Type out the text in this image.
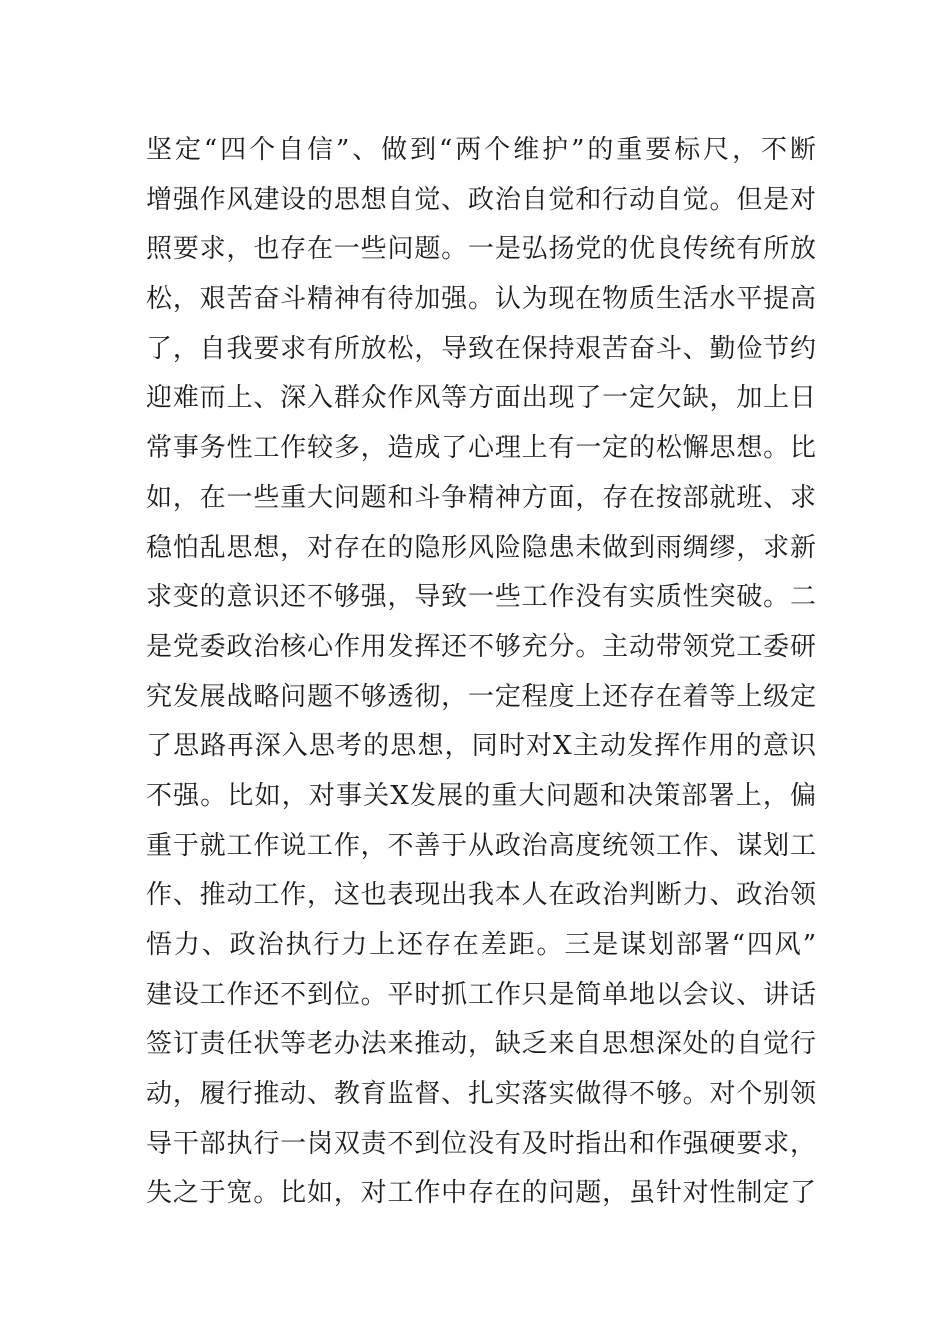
坚定“四个自信”、做到“两个维护”的重要标尺，不断
增强作风建设的思想自觉、政治自觉和行动自觉。但是对
照要求，也存在一些问题。一是弘扬党的优良传统有所放
松，艰苦奋斗精神有待加强。认为现在物质生活水平提高
了，自我要求有所放松，导致在保持艰苦奋斗、勤俭节约
迎难而上、深入群众作风等方面出现了一定欠缺，加上日
常事务性工作较多，造成了心理上有一定的松懈思想。比
如，在一些重大问题和斗争精神方面，存在按部就班、求
稳怕乱思想，对存在的隐形风险隐患未做到雨绸缪，求新
求变的意识还不够强，导致一些工作没有实质性突破。二
是党委政治核心作用发挥还不够充分。主动带领党工委研
究发展战略问题不够透彻，一定程度上还存在着等上级定
了思路再深入思考的思想，同时对X主动发挥作用的意识
不强。比如，对事关X发展的重大问题和决策部署上，偏
重于就工作说工作，不善于从政治高度统领工作、谋划工
作、推动工作，这也表现出我本人在政治判断力、政治领
悟力、政治执行力上还存在差距。三是谋划部署“四风”
建设工作还不到位。平时抓工作只是简单地以会议、讲话
签订责任状等老办法来推动，缺乏来自思想深处的自觉行
动，履行推动、教育监督、扎实落实做得不够。对个别领
导干部执行一岗双责不到位没有及时指出和作强硬要求，
失之于宽。比如，对工作中存在的问题，虽针对性制定了
